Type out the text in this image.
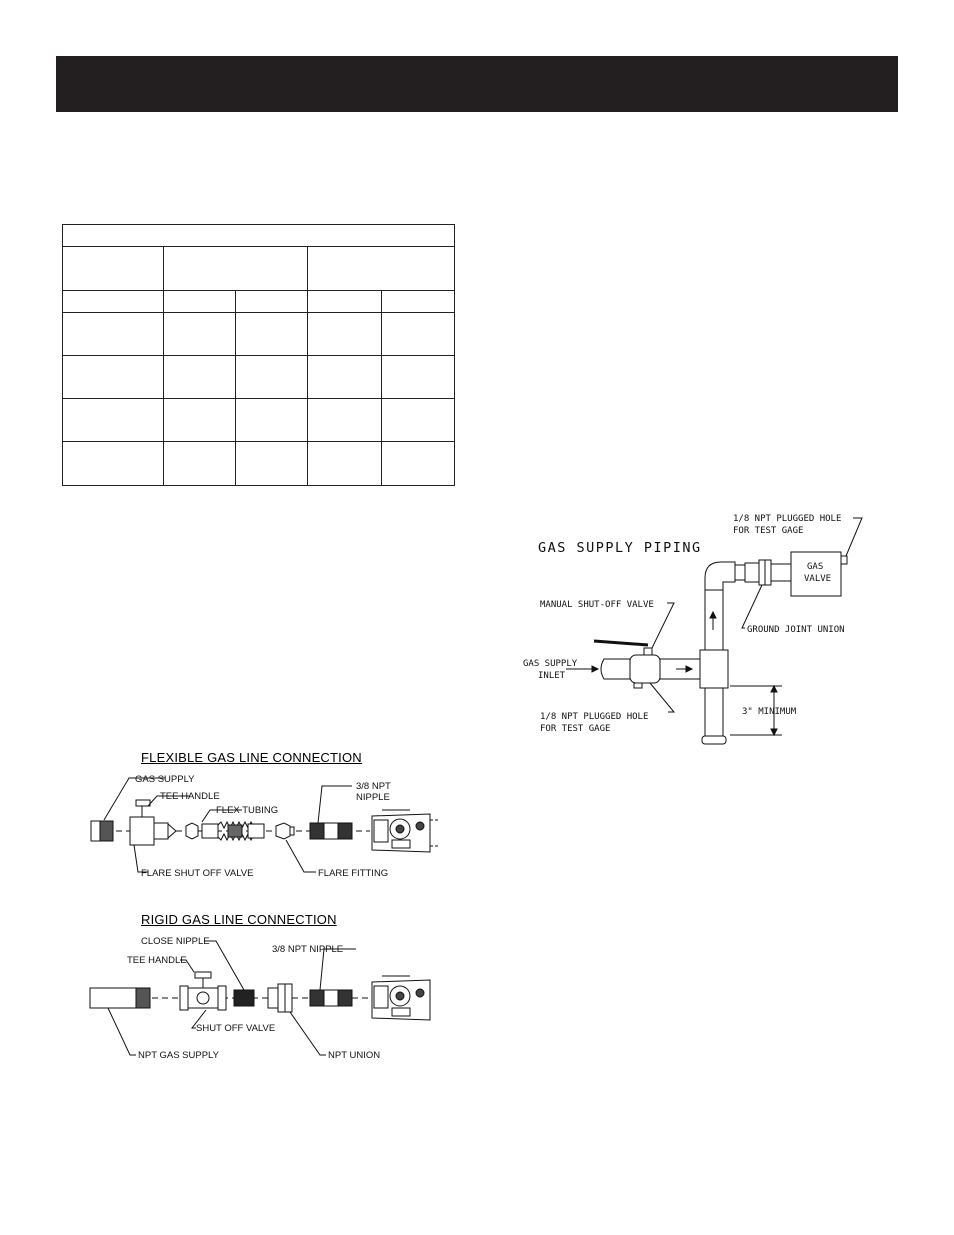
FLEXIBLE GAS LINE CONNECTION
GAS SUPPLY
TEE HANDLE
FLEX TUBING
3/8 NPT
NIPPLE
FLARE SHUT OFF VALVE	FLARE FITTING
RIGID GAS LINE CONNECTION
CLOSE NIPPLE
TEE HANDLE
3/8 NPT NIPPLE
SHUT OFF VALVE
NPT GAS SUPPLY	NPT UNION
GAS SUPPLY PIPING
1/8 NPT PLUGGED HOLE
FOR TEST GAGE
GAS
VALVE
MANUAL SHUT-OFF VALVE
GROUND JOINT UNION
GAS SUPPLY
INLET
1/8 NPT PLUGGED HOLE
FOR TEST GAGE
3" MINIMUM
